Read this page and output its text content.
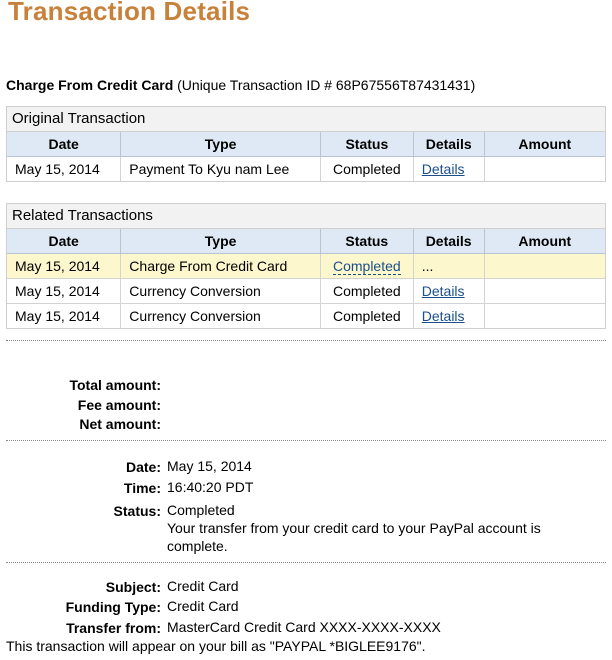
Transaction Details
Charge From Credit Card (Unique Transaction ID # 68P67556T87431431)
Original Transaction
Date	Type	Status	Details	Amount
May 15, 2014	Payment To Kyu nam Lee	Completed	Details	
Related Transactions
Date	Type	Status	Details	Amount
May 15, 2014	Charge From Credit Card	Completed	...	
May 15, 2014	Currency Conversion	Completed	Details	
May 15, 2014	Currency Conversion	Completed	Details	
Total amount:
Fee amount:
Net amount:
Date: May 15, 2014
Time: 16:40:20 PDT
Status: Completed
Your transfer from your credit card to your PayPal account is complete.
Subject: Credit Card
Funding Type: Credit Card
Transfer from: MasterCard Credit Card XXXX-XXXX-XXXX
This transaction will appear on your bill as "PAYPAL *BIGLEE9176".
